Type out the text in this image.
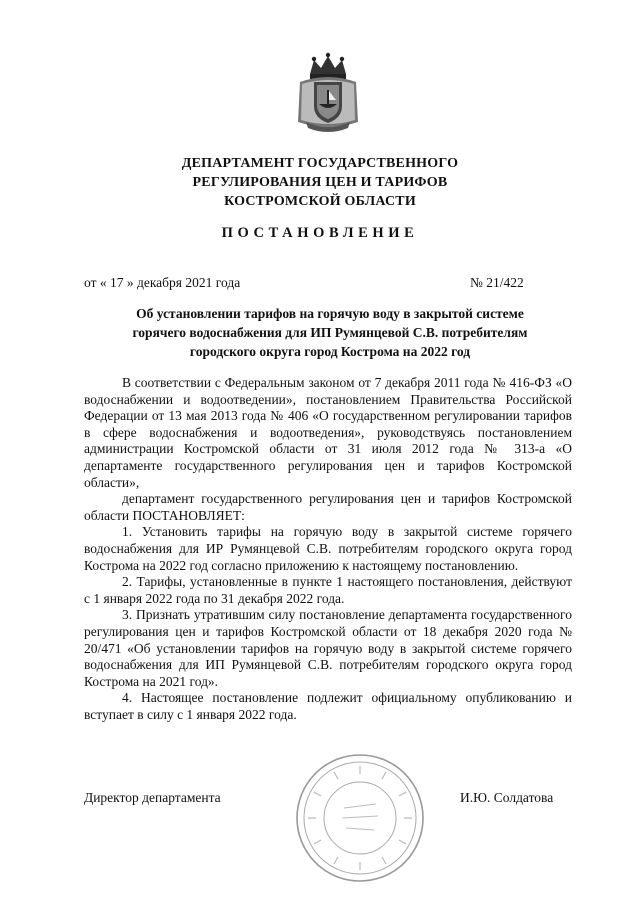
ДЕПАРТАМЕНТ ГОСУДАРСТВЕННОГО
РЕГУЛИРОВАНИЯ ЦЕН И ТАРИФОВ
КОСТРОМСКОЙ ОБЛАСТИ
ПОСТАНОВЛЕНИЕ
от « 17 » декабря 2021 года	№ 21/422
Об установлении тарифов на горячую воду в закрытой системе
горячего водоснабжения для ИП Румянцевой С.В. потребителям
городского округа город Кострома на 2022 год

В соответствии с Федеральным законом от 7 декабря 2011 года № 416-ФЗ «О водоснабжении и водоотведении», постановлением Правительства Российской Федерации от 13 мая 2013 года № 406 «О государственном регулировании тарифов в сфере водоснабжения и водоотведения», руководствуясь постановлением администрации Костромской области от 31 июля 2012 года № 313-а «О департаменте государственного регулирования цен и тарифов Костромской области»,

департамент государственного регулирования цен и тарифов Костромской области ПОСТАНОВЛЯЕТ:

1. Установить тарифы на горячую воду в закрытой системе горячего водоснабжения для ИР Румянцевой С.В. потребителям городского округа город Кострома на 2022 год согласно приложению к настоящему постановлению.

2. Тарифы, установленные в пункте 1 настоящего постановления, действуют с 1 января 2022 года по 31 декабря 2022 года.

3. Признать утратившим силу постановление департамента государственного регулирования цен и тарифов Костромской области от 18 декабря 2020 года № 20/471 «Об установлении тарифов на горячую воду в закрытой системе горячего водоснабжения для ИП Румянцевой С.В. потребителям городского округа город Кострома на 2021 год».

4. Настоящее постановление подлежит официальному опубликованию и вступает в силу с 1 января 2022 года.

Директор департамента	И.Ю. Солдатова
